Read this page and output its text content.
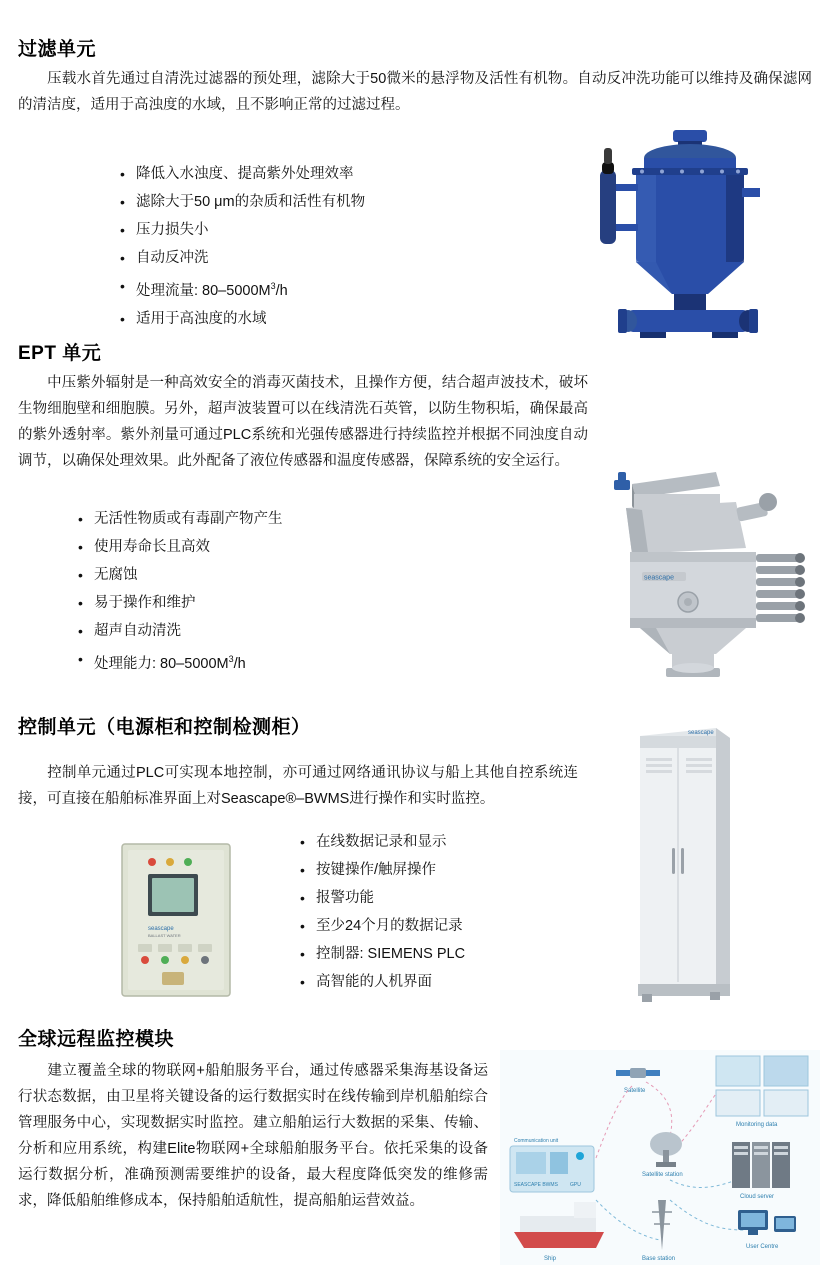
过滤单元
压载水首先通过自清洗过滤器的预处理，滤除大于50微米的悬浮物及活性有机物。自动反冲洗功能可以维持及确保滤网的清洁度，适用于高浊度的水域，且不影响正常的过滤过程。
• 降低入水浊度、提高紫外处理效率
• 滤除大于50 μm的杂质和活性有机物
• 压力损失小
• 自动反冲洗
• 处理流量: $80-5000M^3/h$
• 适用于高浊度的水域
EPT 单元
中压紫外辐射是一种高效安全的消毒灭菌技术，且操作方便，结合超声波技术，破坏生物细胞壁和细胞膜。另外，超声波装置可以在线清洗石英管，以防生物积垢，确保最高的紫外透射率。紫外剂量可通过PLC系统和光强传感器进行持续监控并根据不同浊度自动调节，以确保处理效果。此外配备了液位传感器和温度传感器，保障系统的安全运行。
• 无活性物质或有毒副产物产生
• 使用寿命长且高效
• 无腐蚀
• 易于操作和维护
• 超声自动清洗
• 处理能力: $80-5000M^3/h$
seascape
控制单元（电源柜和控制检测柜）
控制单元通过PLC可实现本地控制，亦可通过网络通讯协议与船上其他自控系统连接，可直接在船舶标准界面上对Seascape®–BWMS进行操作和实时监控。
• 在线数据记录和显示
• 按键操作/触屏操作
• 报警功能
• 至少24个月的数据记录
• 控制器: SIEMENS PLC
• 高智能的人机界面
seascape
BALLAST WATER
seascape
全球远程监控模块
建立覆盖全球的物联网+船舶服务平台，通过传感器采集海基设备运行状态数据，由卫星将关键设备的运行数据实时在线传输到岸机船舶综合管理服务中心，实现数据实时监控。建立船舶运行大数据的采集、传输、分析和应用系统，构建Elite物联网+全球船舶服务平台。依托采集的设备运行数据分析，准确预测需要维护的设备，最大程度降低突发的维修需求，降低船舶维修成本，保持船舶适航性，提高船舶运营效益。
Monitoring data
Satellite
Satellite station
SEASCAPE BWMS
Communication unit
GPU
Cloud server
Ship	Base station
User Centre
